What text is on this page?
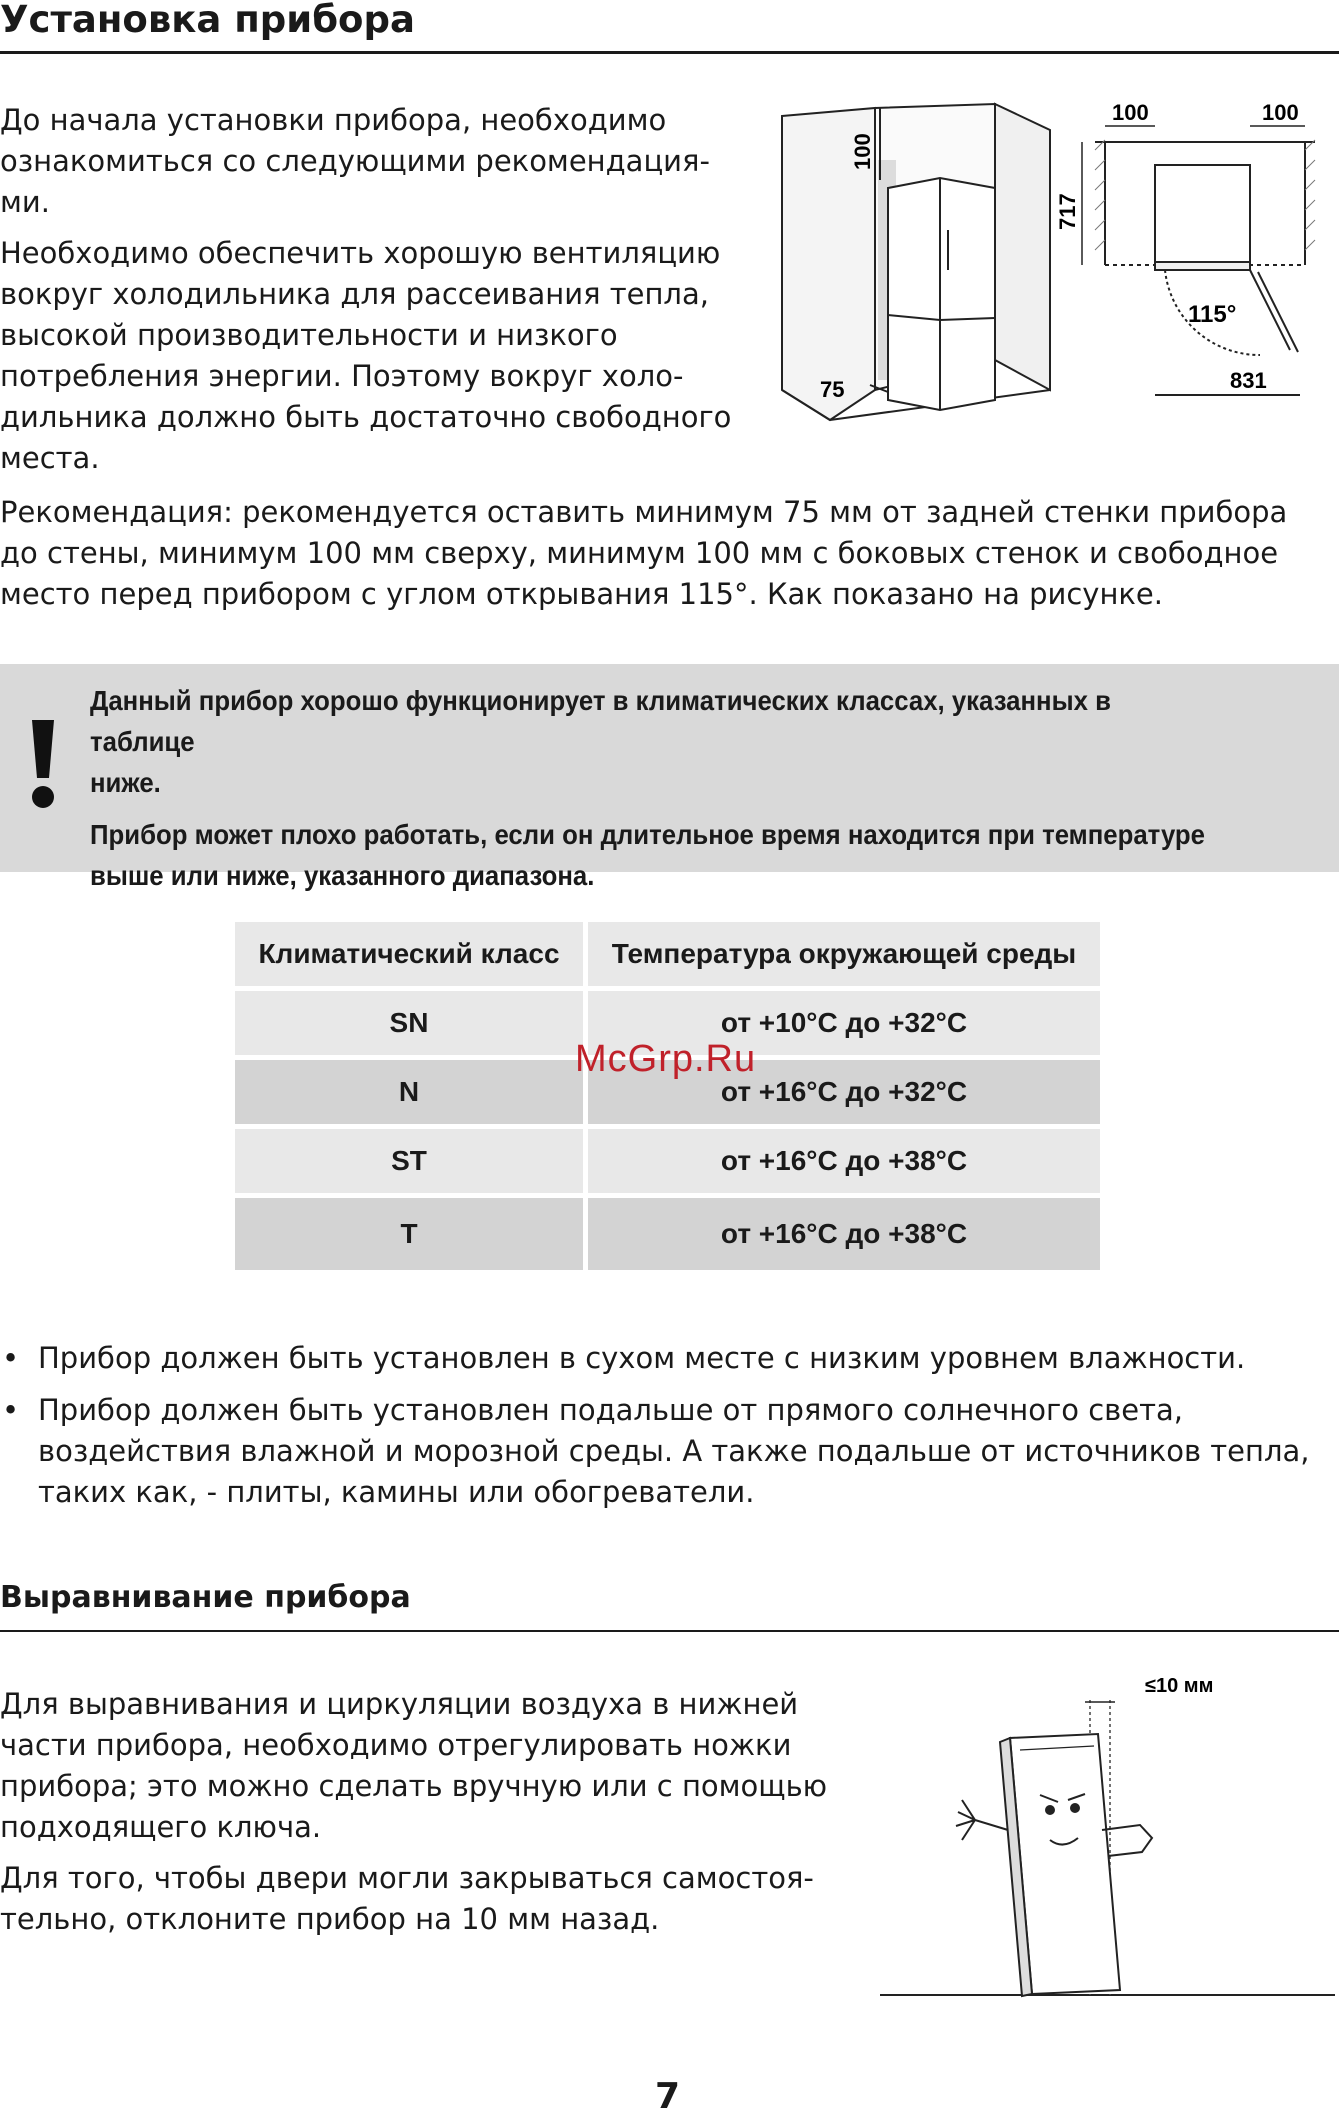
Установка прибора

До начала установки прибора, необходимо
ознакомиться со следующими рекомендация-
ми.

Необходимо обеспечить хорошую вентиляцию
вокруг холодильника для рассеивания тепла,
высокой производительности и низкого
потребления энергии. Поэтому вокруг холо-
дильника должно быть достаточно свободного
места.

100
75
100	100
717
115°
831
Рекомендация: рекомендуется оставить минимум 75 мм от задней стенки прибора
до стены, минимум 100 мм сверху, минимум 100 мм с боковых стенок и свободное
место перед прибором с углом открывания 115°. Как показано на рисунке.

Данный прибор хорошо функционирует в климатических классах, указанных в таблице
ниже.

Прибор может плохо работать, если он длительное время находится при температуре
выше или ниже, указанного диапазона.

Климатический класс	Температура окружающей среды
SN	от +10°C до +32°C
N	от +16°C до +32°C
ST	от +16°C до +38°C
T	от +16°C до +38°C
McGrp.Ru
• Прибор должен быть установлен в сухом месте с низким уровнем влажности.
• Прибор должен быть установлен подальше от прямого солнечного света,
воздействия влажной и морозной среды. А также подальше от источников тепла,
таких как, - плиты, камины или обогреватели.
Выравнивание прибора

Для выравнивания и циркуляции воздуха в нижней
части прибора, необходимо отрегулировать ножки
прибора; это можно сделать вручную или с помощью
подходящего ключа.

Для того, чтобы двери могли закрываться самостоя-
тельно, отклоните прибор на 10 мм назад.

≤10 мм
7
